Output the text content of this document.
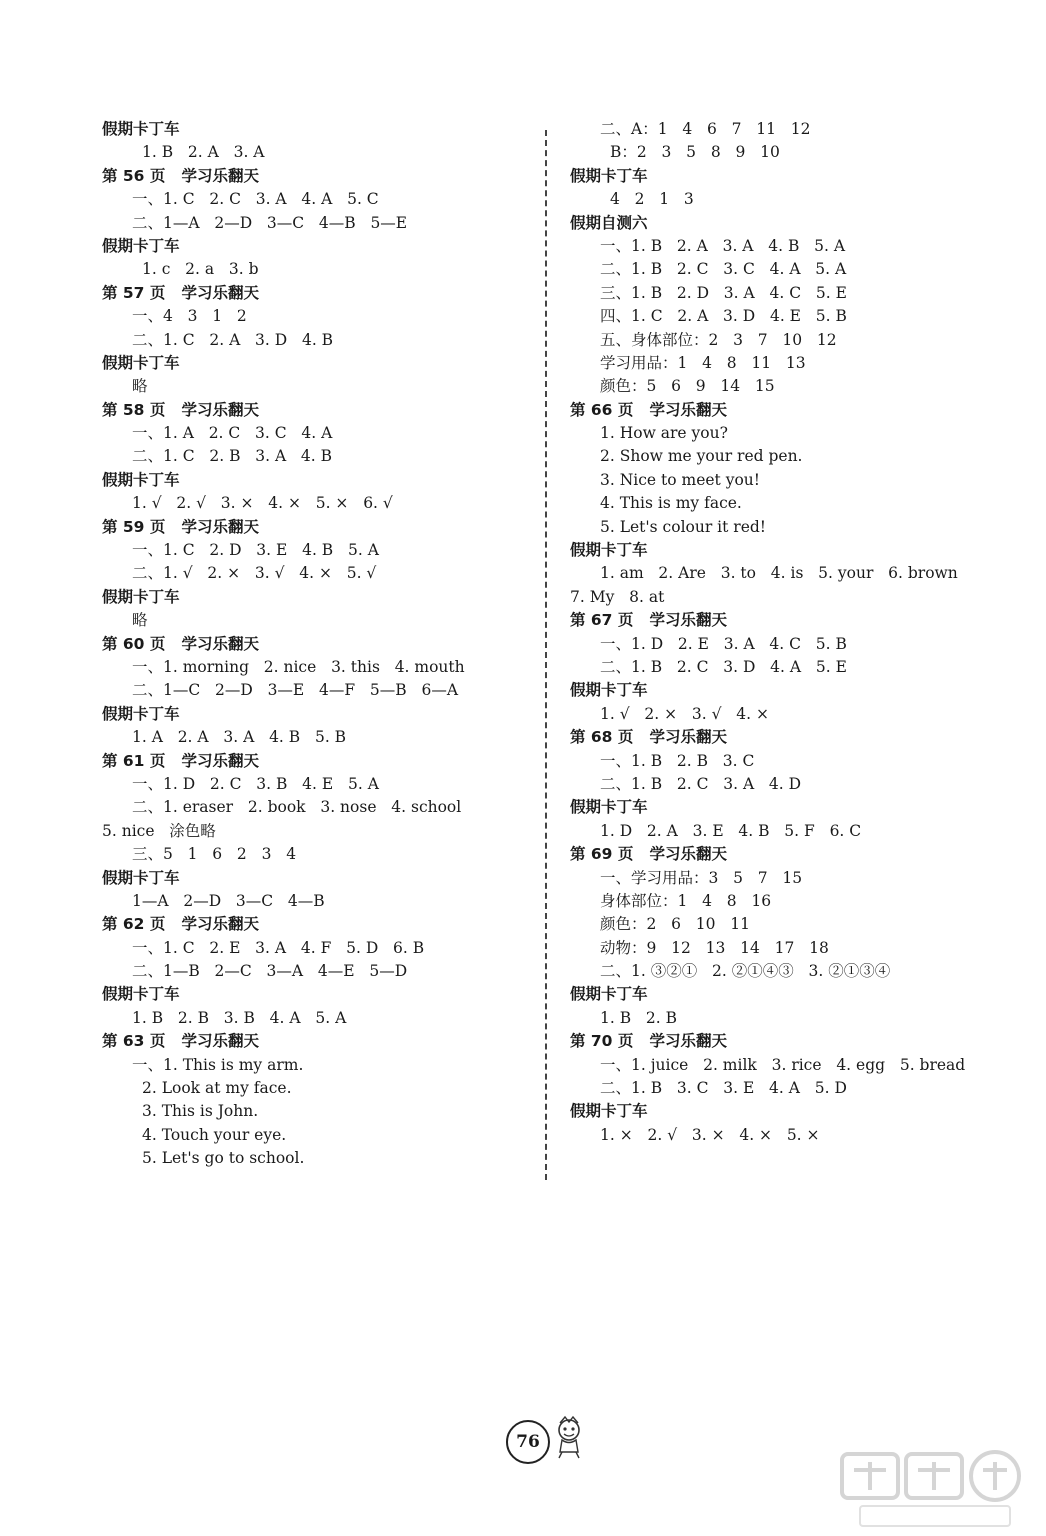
假期卡丁车
1. B   2. A   3. A
第 56 页   学习乐翻天
一、1. C   2. C   3. A   4. A   5. C
二、1—A   2—D   3—C   4—B   5—E
假期卡丁车
1. c   2. a   3. b
第 57 页   学习乐翻天
一、4   3   1   2
二、1. C   2. A   3. D   4. B
假期卡丁车
略
第 58 页   学习乐翻天
一、1. A   2. C   3. C   4. A
二、1. C   2. B   3. A   4. B
假期卡丁车
1. √   2. √   3. ×   4. ×   5. ×   6. √
第 59 页   学习乐翻天
一、1. C   2. D   3. E   4. B   5. A
二、1. √   2. ×   3. √   4. ×   5. √
假期卡丁车
略
第 60 页   学习乐翻天
一、1. morning   2. nice   3. this   4. mouth
二、1—C   2—D   3—E   4—F   5—B   6—A
假期卡丁车
1. A   2. A   3. A   4. B   5. B
第 61 页   学习乐翻天
一、1. D   2. C   3. B   4. E   5. A
二、1. eraser   2. book   3. nose   4. school
5. nice   涂色略
三、5   1   6   2   3   4
假期卡丁车
1—A   2—D   3—C   4—B
第 62 页   学习乐翻天
一、1. C   2. E   3. A   4. F   5. D   6. B
二、1—B   2—C   3—A   4—E   5—D
假期卡丁车
1. B   2. B   3. B   4. A   5. A
第 63 页   学习乐翻天
一、1. This is my arm.
2. Look at my face.
3. This is John.
4. Touch your eye.
5. Let's go to school.
二、A：1   4   6   7   11   12
B：2   3   5   8   9   10
假期卡丁车
4   2   1   3
假期自测六
一、1. B   2. A   3. A   4. B   5. A
二、1. B   2. C   3. C   4. A   5. A
三、1. B   2. D   3. A   4. C   5. E
四、1. C   2. A   3. D   4. E   5. B
五、身体部位：2   3   7   10   12
学习用品：1   4   8   11   13
颜色：5   6   9   14   15
第 66 页   学习乐翻天
1. How are you?
2. Show me your red pen.
3. Nice to meet you!
4. This is my face.
5. Let's colour it red!
假期卡丁车
1. am   2. Are   3. to   4. is   5. your   6. brown
7. My   8. at
第 67 页   学习乐翻天
一、1. D   2. E   3. A   4. C   5. B
二、1. B   2. C   3. D   4. A   5. E
假期卡丁车
1. √   2. ×   3. √   4. ×
第 68 页   学习乐翻天
一、1. B   2. B   3. C
二、1. B   2. C   3. A   4. D
假期卡丁车
1. D   2. A   3. E   4. B   5. F   6. C
第 69 页   学习乐翻天
一、学习用品：3   5   7   15
身体部位：1   4   8   16
颜色：2   6   10   11
动物：9   12   13   14   17   18
二、1. ③②①   2. ②①④③   3. ②①③④
假期卡丁车
1. B   2. B
第 70 页   学习乐翻天
一、1. juice   2. milk   3. rice   4. egg   5. bread
二、1. B   3. C   3. E   4. A   5. D
假期卡丁车
1. ×   2. √   3. ×   4. ×   5. ×
76
